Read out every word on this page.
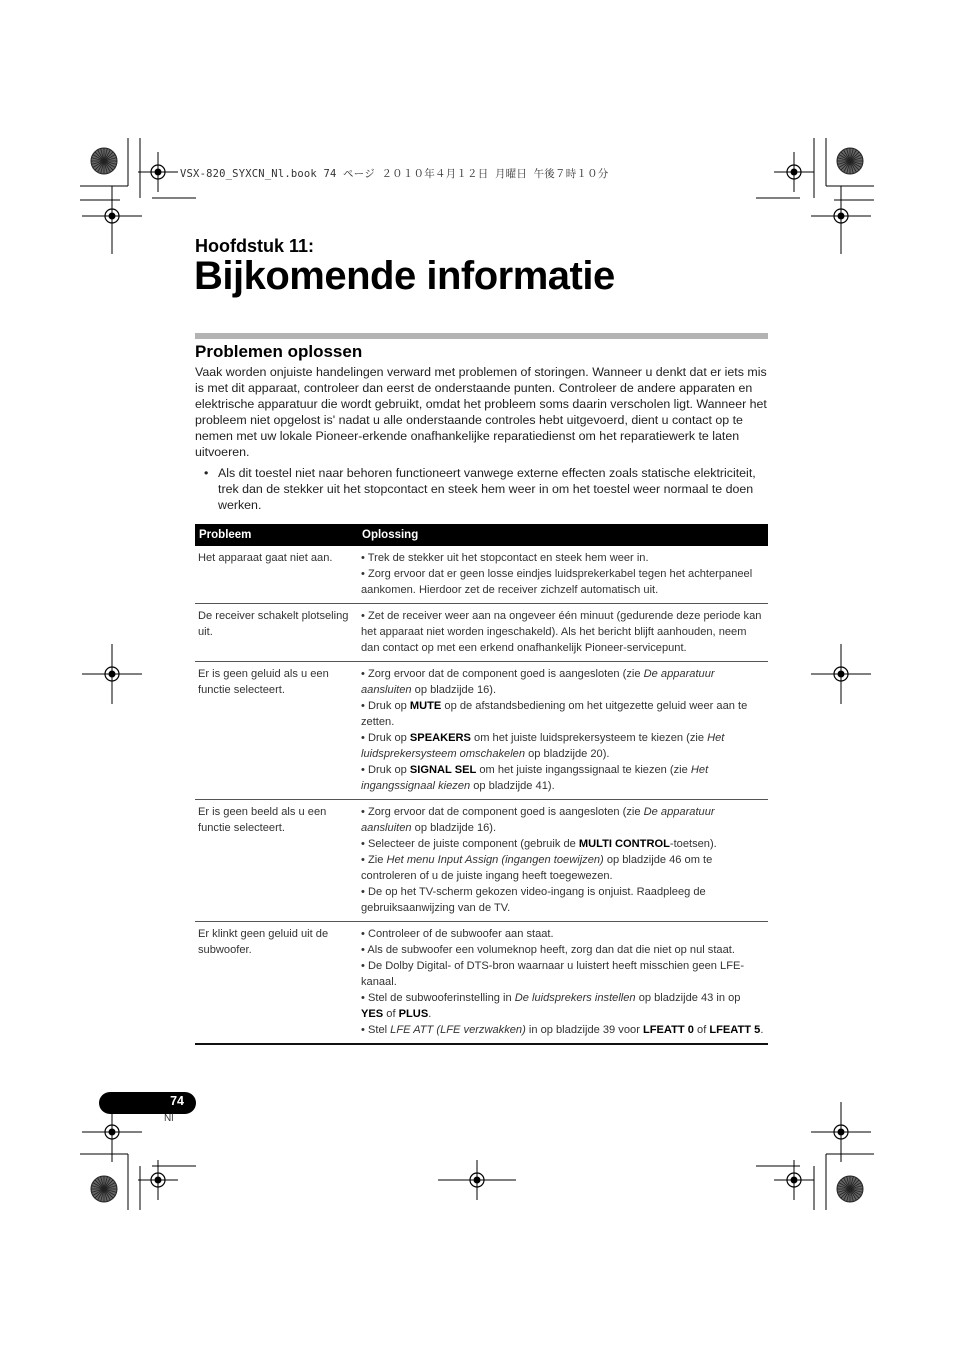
VSX-820_SYXCN_Nl.book 74 ページ ２０１０年４月１２日 月曜日 午後７時１０分
Hoofdstuk 11:
Bijkomende informatie
Problemen oplossen
Vaak worden onjuiste handelingen verward met problemen of storingen. Wanneer u denkt dat er iets mis is met dit apparaat, controleer dan eerst de onderstaande punten. Controleer de andere apparaten en elektrische apparatuur die wordt gebruikt, omdat het probleem soms daarin verscholen ligt. Wanneer het probleem niet opgelost is' nadat u alle onderstaande controles hebt uitgevoerd, dient u contact op te nemen met uw lokale Pioneer-erkende onafhankelijke reparatiedienst om het reparatiewerk te laten uitvoeren.
• Als dit toestel niet naar behoren functioneert vanwege externe effecten zoals statische elektriciteit, trek dan de stekker uit het stopcontact en steek hem weer in om het toestel weer normaal te doen werken.
Probleem	Oplossing
Het apparaat gaat niet aan.	• Trek de stekker uit het stopcontact en steek hem weer in.
• Zorg ervoor dat er geen losse eindjes luidsprekerkabel tegen het achterpaneel aankomen. Hierdoor zet de receiver zichzelf automatisch uit.

De receiver schakelt plotseling uit.	• Zet de receiver weer aan na ongeveer één minuut (gedurende deze periode kan het apparaat niet worden ingeschakeld). Als het bericht blijft aanhouden, neem dan contact op met een erkend onafhankelijk Pioneer-servicepunt.

Er is geen geluid als u een functie selecteert.	• Zorg ervoor dat de component goed is aangesloten (zie De apparatuur aansluiten op bladzijde 16).
• Druk op MUTE op de afstandsbediening om het uitgezette geluid weer aan te zetten.
• Druk op SPEAKERS om het juiste luidsprekersysteem te kiezen (zie Het luidsprekersysteem omschakelen op bladzijde 20).
• Druk op SIGNAL SEL om het juiste ingangssignaal te kiezen (zie Het ingangssignaal kiezen op bladzijde 41).

Er is geen beeld als u een functie selecteert.	• Zorg ervoor dat de component goed is aangesloten (zie De apparatuur aansluiten op bladzijde 16).
• Selecteer de juiste component (gebruik de MULTI CONTROL-toetsen).
• Zie Het menu Input Assign (ingangen toewijzen) op bladzijde 46 om te controleren of u de juiste ingang heeft toegewezen.
• De op het TV-scherm gekozen video-ingang is onjuist. Raadpleeg de gebruiksaanwijzing van de TV.

Er klinkt geen geluid uit de subwoofer.	• Controleer of de subwoofer aan staat.
• Als de subwoofer een volumeknop heeft, zorg dan dat die niet op nul staat.
• De Dolby Digital- of DTS-bron waarnaar u luistert heeft misschien geen LFE-kanaal.
• Stel de subwooferinstelling in De luidsprekers instellen op bladzijde 43 in op YES of PLUS.
• Stel LFE ATT (LFE verzwakken) in op bladzijde 39 voor LFEATT 0 of LFEATT 5.
74
Nl
